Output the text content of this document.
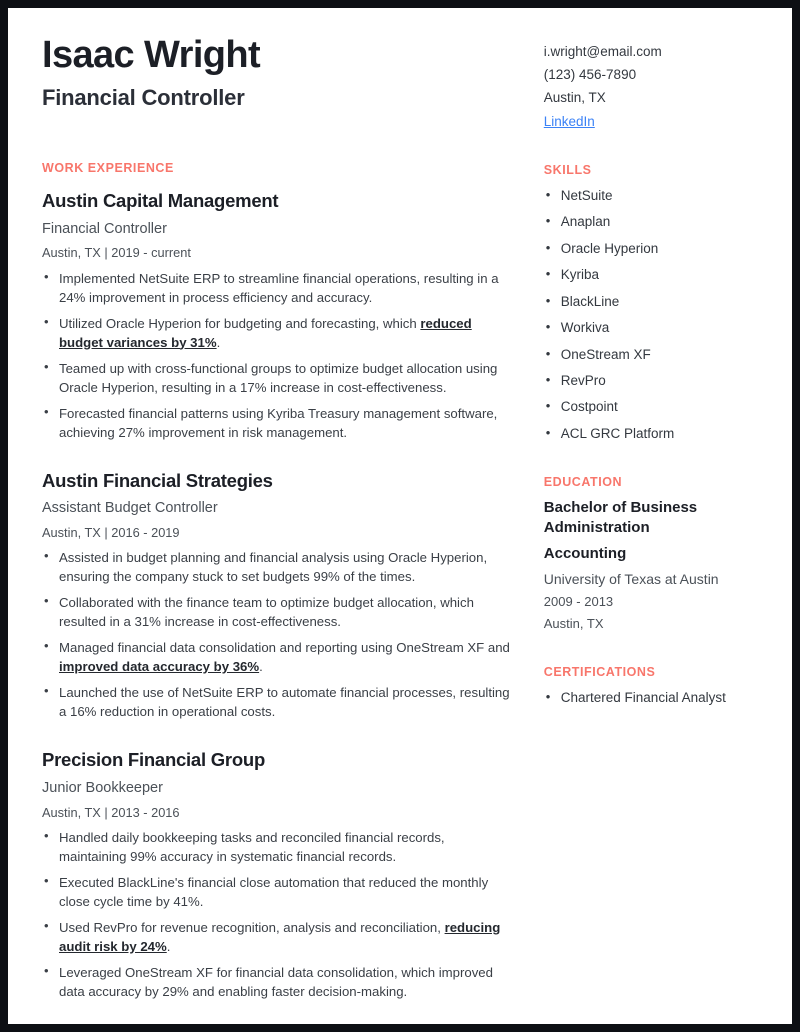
Isaac Wright
Financial Controller
i.wright@email.com
(123) 456-7890
Austin, TX
LinkedIn
WORK EXPERIENCE
Austin Capital Management
Financial Controller
Austin, TX | 2019 - current
• Implemented NetSuite ERP to streamline financial operations, resulting in a 24% improvement in process efficiency and accuracy.
• Utilized Oracle Hyperion for budgeting and forecasting, which reduced budget variances by 31%.
• Teamed up with cross-functional groups to optimize budget allocation using Oracle Hyperion, resulting in a 17% increase in cost-effectiveness.
• Forecasted financial patterns using Kyriba Treasury management software, achieving 27% improvement in risk management.
Austin Financial Strategies
Assistant Budget Controller
Austin, TX | 2016 - 2019
• Assisted in budget planning and financial analysis using Oracle Hyperion, ensuring the company stuck to set budgets 99% of the times.
• Collaborated with the finance team to optimize budget allocation, which resulted in a 31% increase in cost-effectiveness.
• Managed financial data consolidation and reporting using OneStream XF and improved data accuracy by 36%.
• Launched the use of NetSuite ERP to automate financial processes, resulting a 16% reduction in operational costs.
Precision Financial Group
Junior Bookkeeper
Austin, TX | 2013 - 2016
• Handled daily bookkeeping tasks and reconciled financial records, maintaining 99% accuracy in systematic financial records.
• Executed BlackLine's financial close automation that reduced the monthly close cycle time by 41%.
• Used RevPro for revenue recognition, analysis and reconciliation, reducing audit risk by 24%.
• Leveraged OneStream XF for financial data consolidation, which improved data accuracy by 29% and enabling faster decision-making.
SKILLS
• NetSuite
• Anaplan
• Oracle Hyperion
• Kyriba
• BlackLine
• Workiva
• OneStream XF
• RevPro
• Costpoint
• ACL GRC Platform
EDUCATION
Bachelor of Business Administration
Accounting
University of Texas at Austin
2009 - 2013
Austin, TX
CERTIFICATIONS
• Chartered Financial Analyst
